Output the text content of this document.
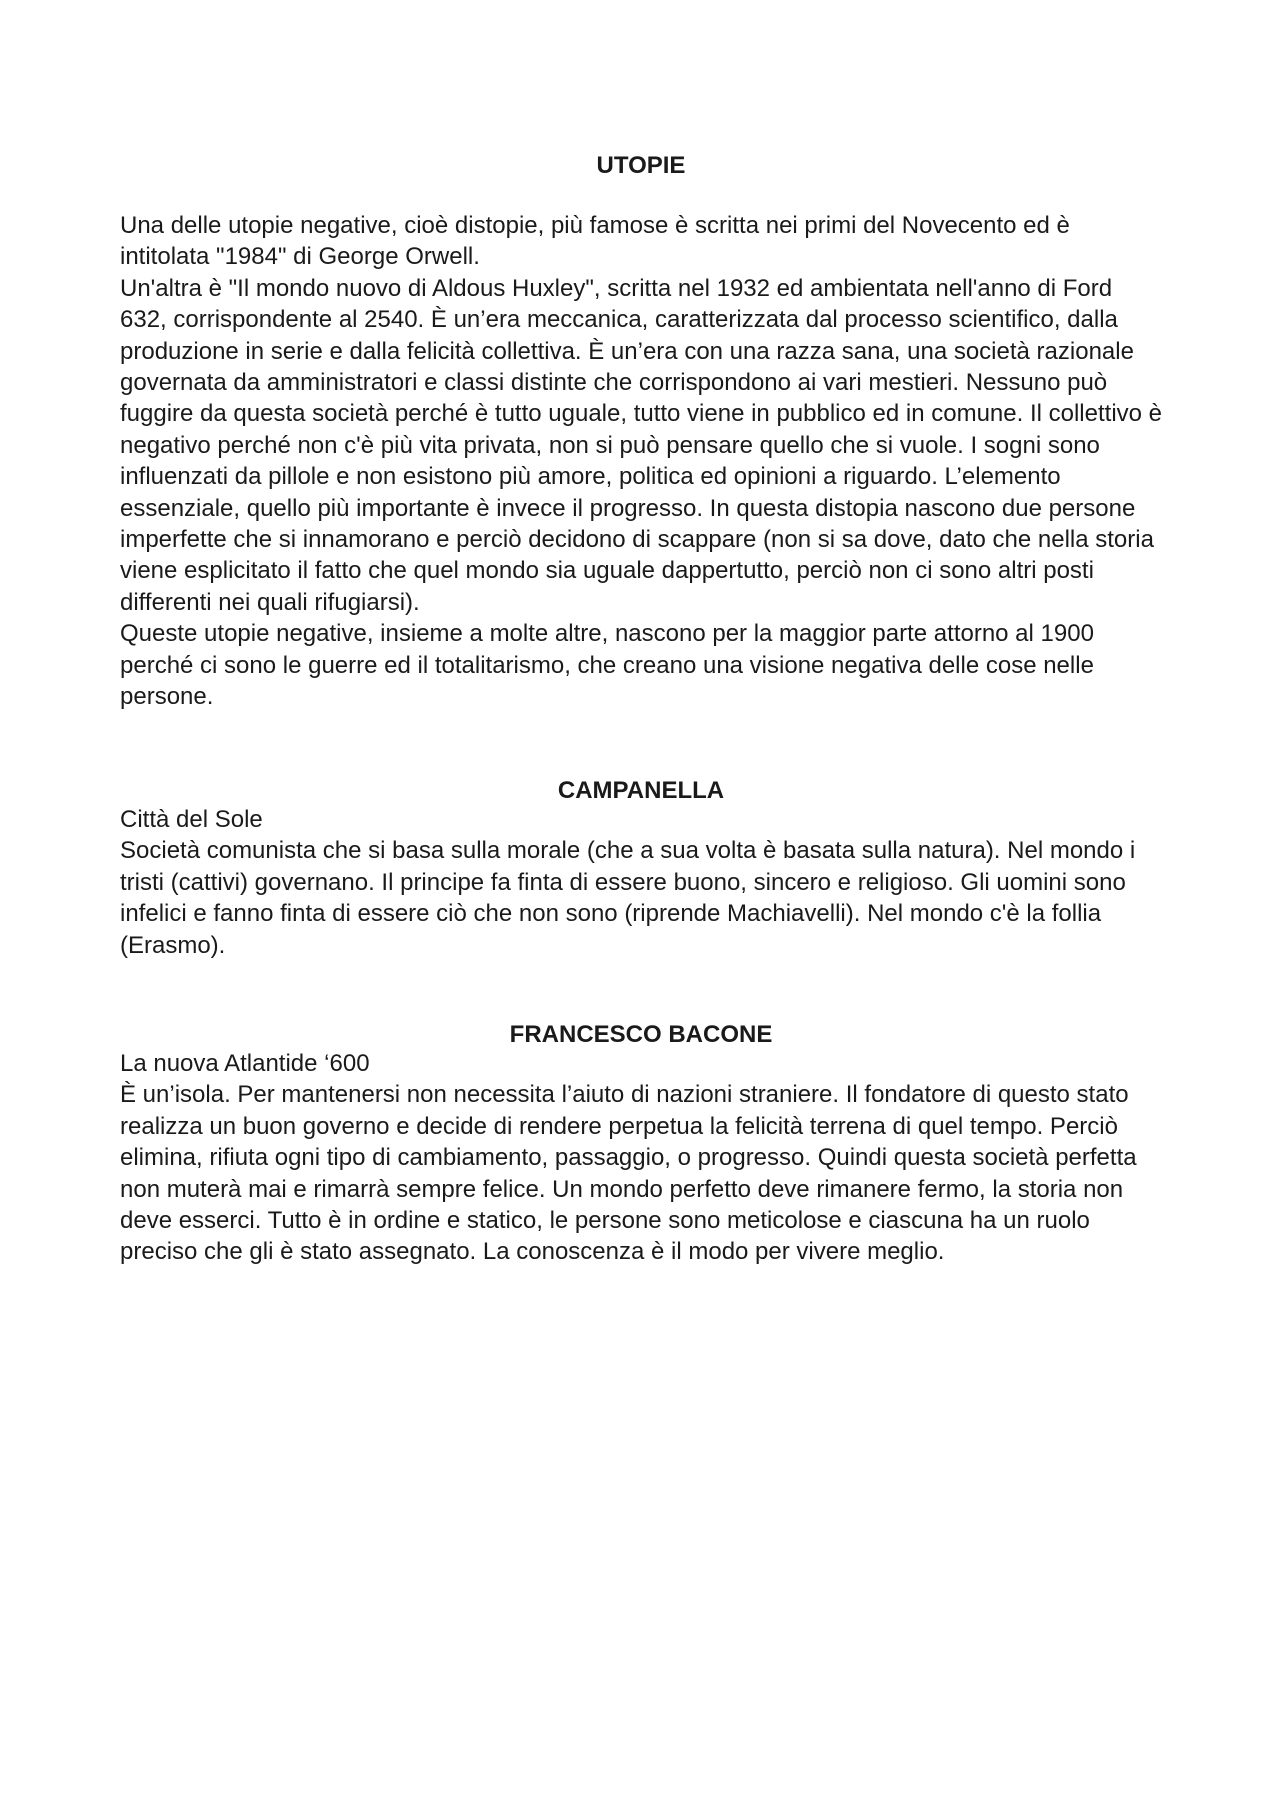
UTOPIE

Una delle utopie negative, cioè distopie, più famose è scritta nei primi del Novecento ed è intitolata "1984" di George Orwell.

Un'altra è "Il mondo nuovo di Aldous Huxley", scritta nel 1932 ed ambientata nell'anno di Ford 632, corrispondente al 2540. È un’era meccanica, caratterizzata dal processo scientifico, dalla produzione in serie e dalla felicità collettiva. È un’era con una razza sana, una società razionale governata da amministratori e classi distinte che corrispondono ai vari mestieri. Nessuno può fuggire da questa società perché è tutto uguale, tutto viene in pubblico ed in comune. Il collettivo è negativo perché non c'è più vita privata, non si può pensare quello che si vuole. I sogni sono influenzati da pillole e non esistono più amore, politica ed opinioni a riguardo. L’elemento essenziale, quello più importante è invece il progresso. In questa distopia nascono due persone imperfette che si innamorano e perciò decidono di scappare (non si sa dove, dato che nella storia viene esplicitato il fatto che quel mondo sia uguale dappertutto, perciò non ci sono altri posti differenti nei quali rifugiarsi).

Queste utopie negative, insieme a molte altre, nascono per la maggior parte attorno al 1900 perché ci sono le guerre ed il totalitarismo, che creano una visione negativa delle cose nelle persone.

CAMPANELLA

Città del Sole

Società comunista che si basa sulla morale (che a sua volta è basata sulla natura). Nel mondo i tristi (cattivi) governano. Il principe fa finta di essere buono, sincero e religioso. Gli uomini sono infelici e fanno finta di essere ciò che non sono (riprende Machiavelli). Nel mondo c'è la follia (Erasmo).

FRANCESCO BACONE

La nuova Atlantide ‘600

È un’isola. Per mantenersi non necessita l’aiuto di nazioni straniere. Il fondatore di questo stato realizza un buon governo e decide di rendere perpetua la felicità terrena di quel tempo. Perciò elimina, rifiuta ogni tipo di cambiamento, passaggio, o progresso. Quindi questa società perfetta non muterà mai e rimarrà sempre felice. Un mondo perfetto deve rimanere fermo, la storia non deve esserci. Tutto è in ordine e statico, le persone sono meticolose e ciascuna ha un ruolo preciso che gli è stato assegnato. La conoscenza è il modo per vivere meglio.
